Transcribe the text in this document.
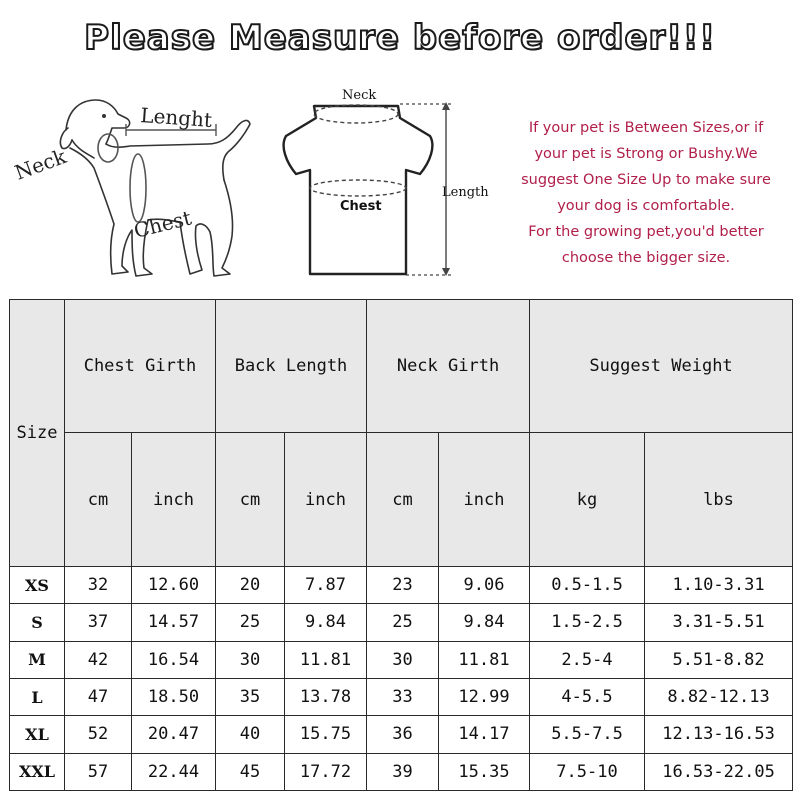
Please Measure before order!!!
Neck
Lenght
Chest
Neck
Chest
Length

If your pet is Between Sizes,or if

your pet is Strong or Bushy.We

suggest One Size Up to make sure

your dog is comfortable.

For the growing pet,you'd better

choose the bigger size.

Size	Chest Girth		Back Length		Neck Girth		Suggest Weight	
	cm	inch	cm	inch	cm	inch	kg	lbs
XS	32	12.60	20	7.87	23	9.06	0.5-1.5	1.10-3.31
S	37	14.57	25	9.84	25	9.84	1.5-2.5	3.31-5.51
M	42	16.54	30	11.81	30	11.81	2.5-4	5.51-8.82
L	47	18.50	35	13.78	33	12.99	4-5.5	8.82-12.13
XL	52	20.47	40	15.75	36	14.17	5.5-7.5	12.13-16.53
XXL	57	22.44	45	17.72	39	15.35	7.5-10	16.53-22.05
